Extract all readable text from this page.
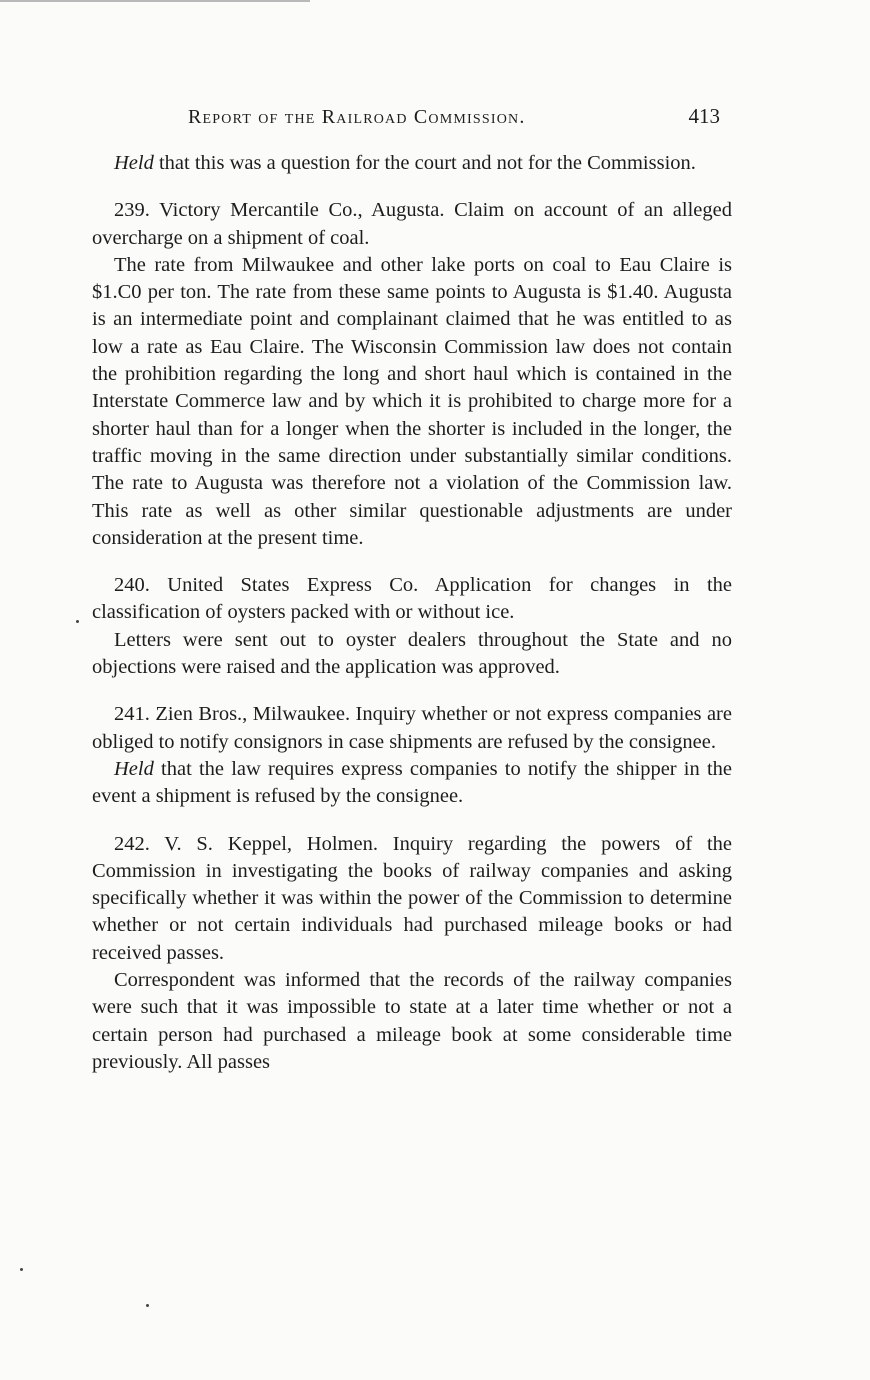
Report of the Railroad Commission.	413

Held that this was a question for the court and not for the Commission.

239. Victory Mercantile Co., Augusta. Claim on account of an alleged overcharge on a shipment of coal.

The rate from Milwaukee and other lake ports on coal to Eau Claire is $1.C0 per ton. The rate from these same points to Augusta is $1.40. Augusta is an intermediate point and complainant claimed that he was entitled to as low a rate as Eau Claire. The Wisconsin Commission law does not contain the prohibition regarding the long and short haul which is contained in the Interstate Commerce law and by which it is prohibited to charge more for a shorter haul than for a longer when the shorter is included in the longer, the traffic moving in the same direction under substantially similar conditions. The rate to Augusta was therefore not a violation of the Commission law. This rate as well as other similar questionable adjustments are under consideration at the present time.

240. United States Express Co. Application for changes in the classification of oysters packed with or without ice.

Letters were sent out to oyster dealers throughout the State and no objections were raised and the application was approved.

241. Zien Bros., Milwaukee. Inquiry whether or not express companies are obliged to notify consignors in case shipments are refused by the consignee.

Held that the law requires express companies to notify the shipper in the event a shipment is refused by the consignee.

242. V. S. Keppel, Holmen. Inquiry regarding the powers of the Commission in investigating the books of railway companies and asking specifically whether it was within the power of the Commission to determine whether or not certain individuals had purchased mileage books or had received passes.

Correspondent was informed that the records of the railway companies were such that it was impossible to state at a later time whether or not a certain person had purchased a mileage book at some considerable time previously. All passes
